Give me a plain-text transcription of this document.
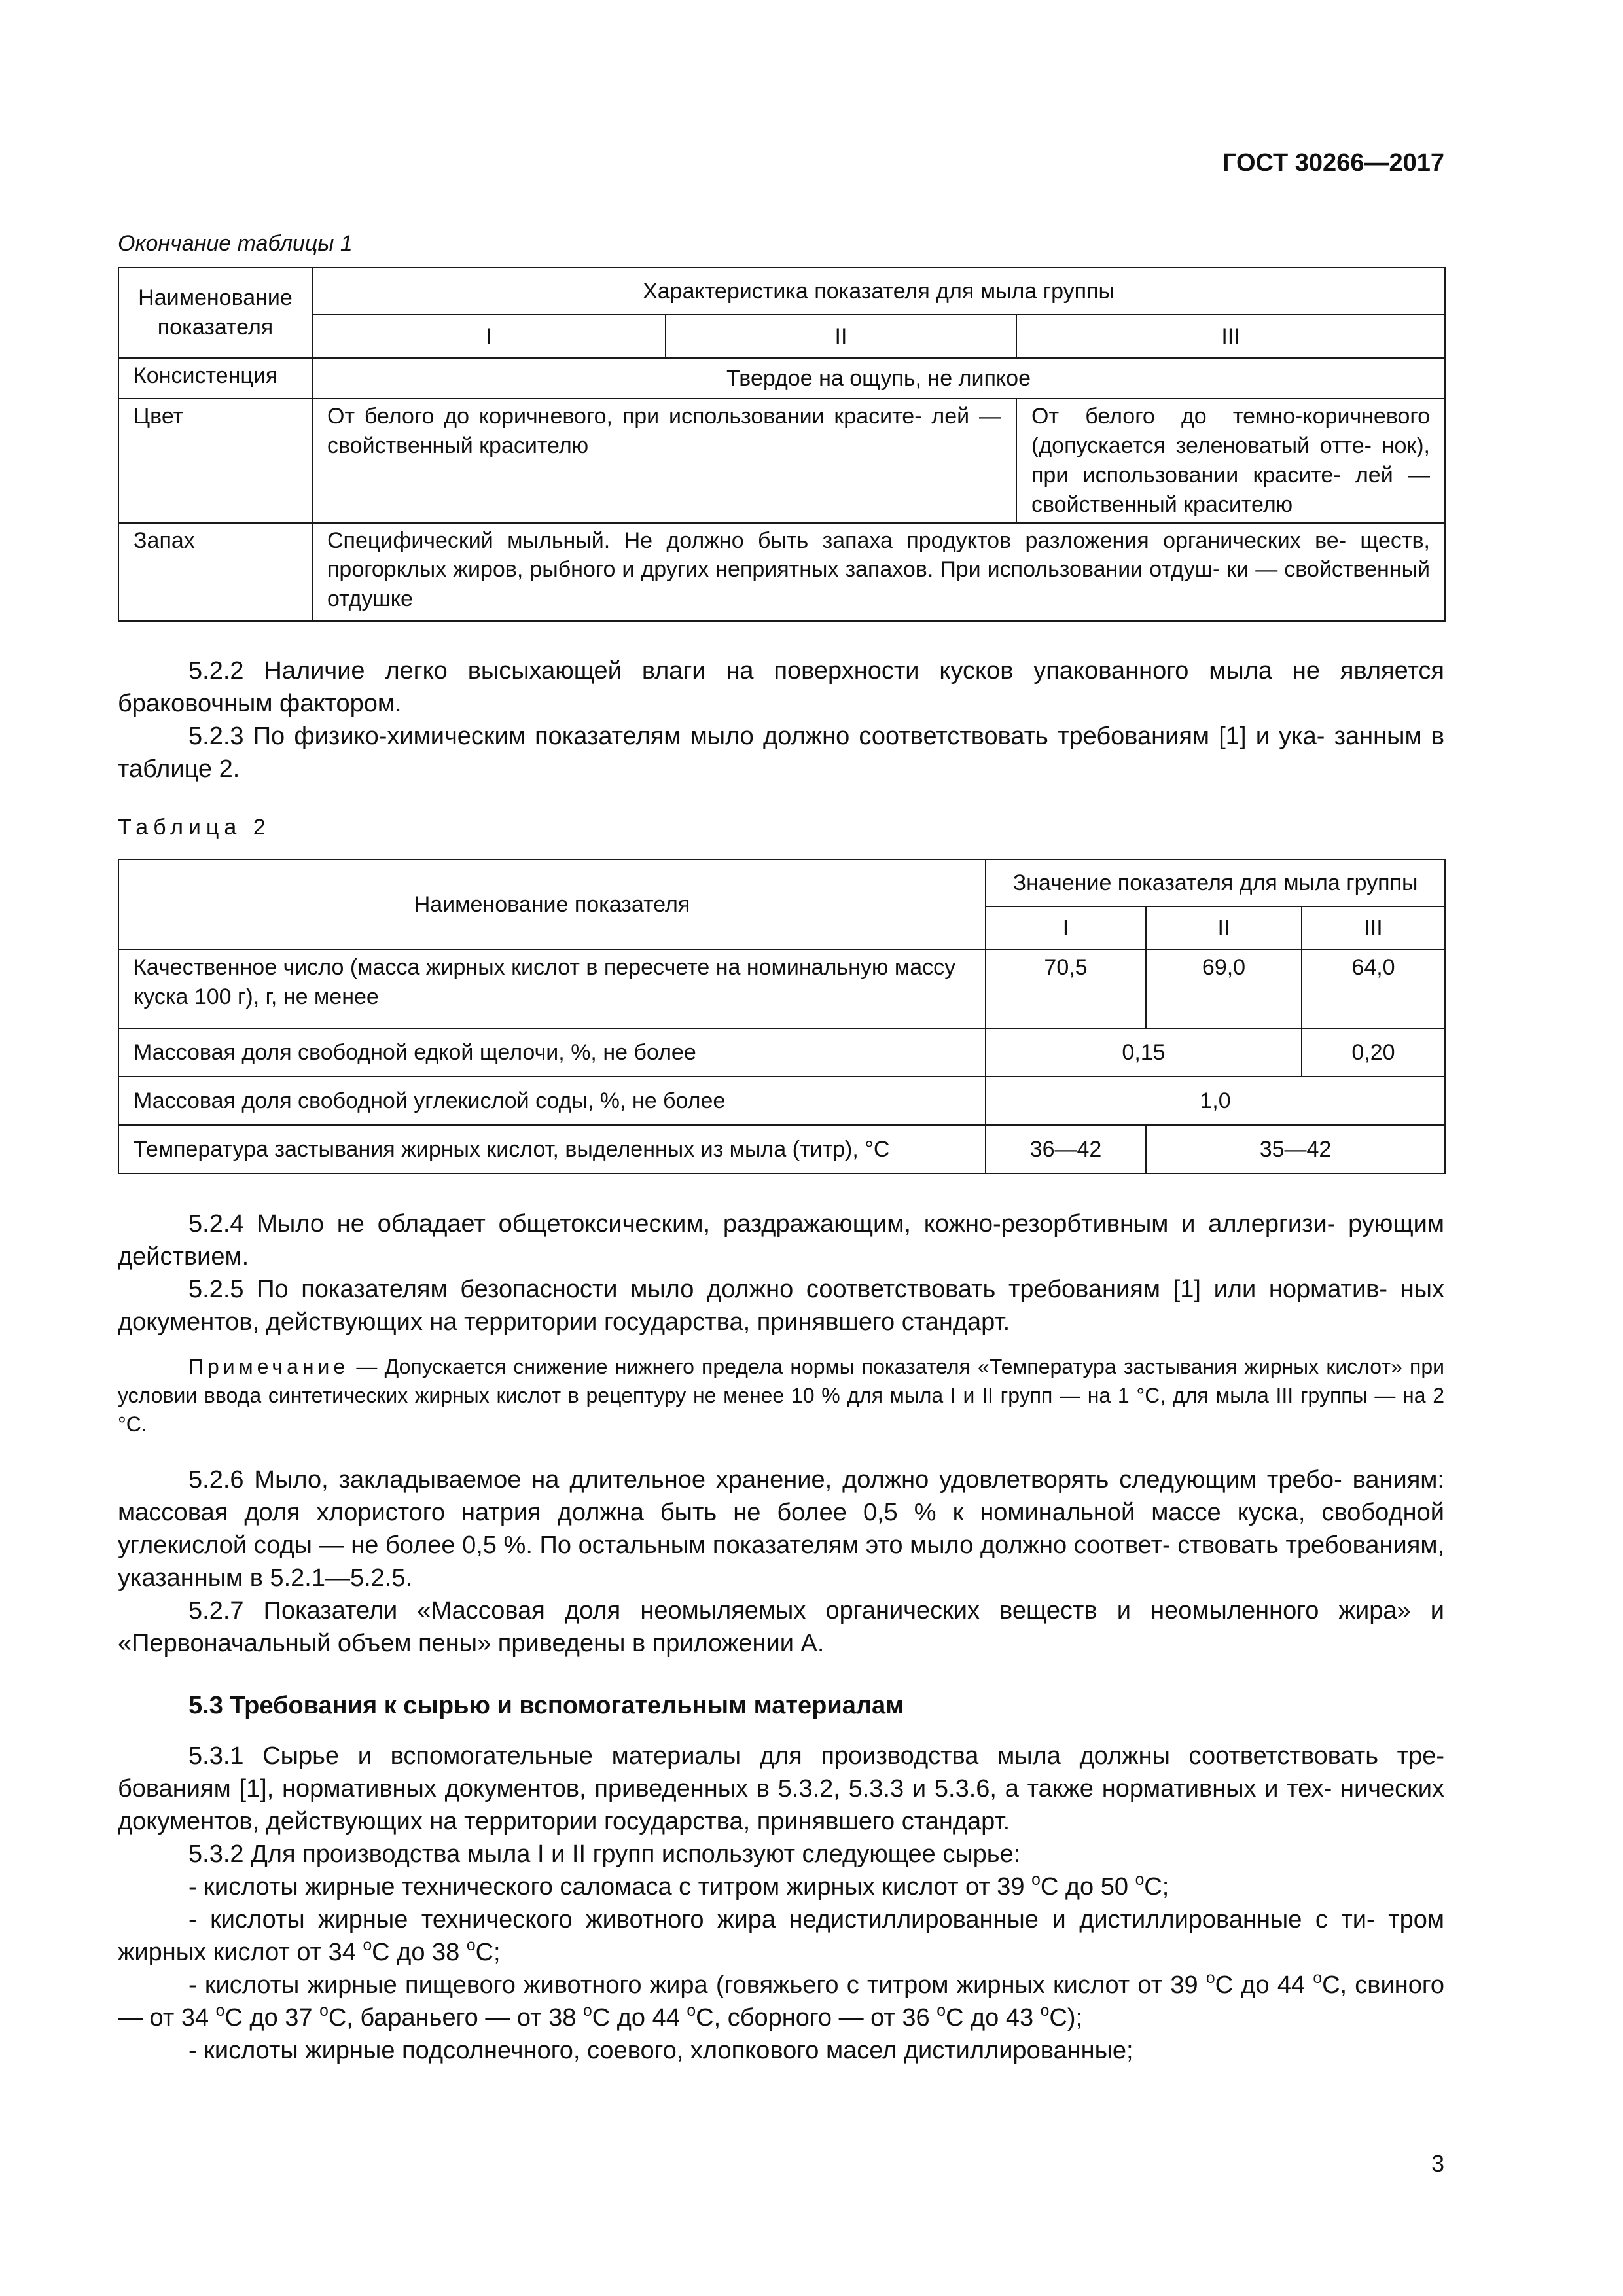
ГОСТ 30266—2017
Окончание таблицы 1
Наименование показателя	Характеристика показателя для мыла группы		
	I	II	III
Консистенция	Твердое на ощупь, не липкое		
Цвет	От белого до коричневого, при использовании красите- лей — свойственный красителю		От белого до темно-коричневого (допускается зеленоватый отте- нок), при использовании красите- лей — свойственный красителю
Запах	Специфический мыльный. Не должно быть запаха продуктов разложения органических ве- ществ, прогорклых жиров, рыбного и других неприятных запахов. При использовании отдуш- ки — свойственный отдушке		
5.2.2 Наличие легко высыхающей влаги на поверхности кусков упакованного мыла не является браковочным фактором.
5.2.3 По физико-химическим показателям мыло должно соответствовать требованиям [1] и ука- занным в таблице 2.
Таблица 2
Наименование показателя	Значение показателя для мыла группы		
	I	II	III
Качественное число (масса жирных кислот в пересчете на номинальную массу куска 100 г), г, не менее	70,5	69,0	64,0
Массовая доля свободной едкой щелочи, %, не более	0,15		0,20
Массовая доля свободной углекислой соды, %, не более	1,0		
Температура застывания жирных кислот, выделенных из мыла (титр), °С	36—42	35—42	
5.2.4 Мыло не обладает общетоксическим, раздражающим, кожно-резорбтивным и аллергизи- рующим действием.
5.2.5 По показателям безопасности мыло должно соответствовать требованиям [1] или норматив- ных документов, действующих на территории государства, принявшего стандарт.
Примечание — Допускается снижение нижнего предела нормы показателя «Температура застывания жирных кислот» при условии ввода синтетических жирных кислот в рецептуру не менее 10 % для мыла I и II групп — на 1 °С, для мыла III группы — на 2 °С.
5.2.6 Мыло, закладываемое на длительное хранение, должно удовлетворять следующим требо- ваниям: массовая доля хлористого натрия должна быть не более 0,5 % к номинальной массе куска, свободной углекислой соды — не более 0,5 %. По остальным показателям это мыло должно соответ- ствовать требованиям, указанным в 5.2.1—5.2.5.
5.2.7 Показатели «Массовая доля неомыляемых органических веществ и неомыленного жира» и «Первоначальный объем пены» приведены в приложении А.
5.3 Требования к сырью и вспомогательным материалам
5.3.1 Сырье и вспомогательные материалы для производства мыла должны соответствовать тре- бованиям [1], нормативных документов, приведенных в 5.3.2, 5.3.3 и 5.3.6, а также нормативных и тех- нических документов, действующих на территории государства, принявшего стандарт.
5.3.2 Для производства мыла I и II групп используют следующее сырье:
- кислоты жирные технического саломаса с титром жирных кислот от 39 $^о$С до 50 $^о$С;
- кислоты жирные технического животного жира недистиллированные и дистиллированные с ти- тром жирных кислот от 34 $^о$С до 38 $^о$С;
- кислоты жирные пищевого животного жира (говяжьего с титром жирных кислот от 39 $^о$С до 44 $^о$С, свиного — от 34 $^о$С до 37 $^о$С, бараньего — от 38 $^о$С до 44 $^о$С, сборного — от 36 $^о$С до 43 $^о$С);
- кислоты жирные подсолнечного, соевого, хлопкового масел дистиллированные;
3
